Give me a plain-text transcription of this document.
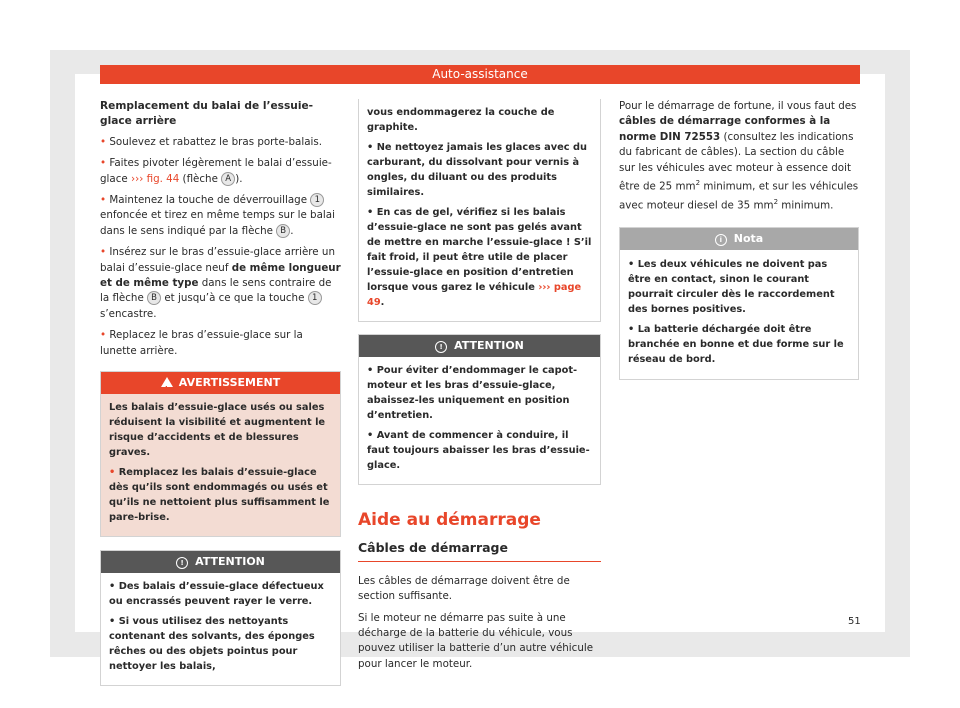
Auto-assistance
Remplacement du balai de l’essuie-glace arrière

• Soulevez et rabattez le bras porte-balais.

• Faites pivoter légèrement le balai d’essuie-glace ››› fig. 44 (flèche A ).

• Maintenez la touche de déverrouillage 1 enfoncée et tirez en même temps sur le balai dans le sens indiqué par la flèche B .

• Insérez sur le bras d’essuie-glace arrière un balai d’essuie-glace neuf de même longueur et de même type dans le sens contraire de la flèche B et jusqu’à ce que la touche 1 s’encastre.

• Replacez le bras d’essuie-glace sur la lunette arrière.

!AVERTISSEMENT

Les balais d’essuie-glace usés ou sales réduisent la visibilité et augmentent le risque d’accidents et de blessures graves.

• Remplacez les balais d’essuie-glace dès qu’ils sont endommagés ou usés et qu’ils ne nettoient plus suffisamment le pare-brise.

! ATTENTION

• Des balais d’essuie-glace défectueux ou encrassés peuvent rayer le verre.

• Si vous utilisez des nettoyants contenant des solvants, des éponges rêches ou des objets pointus pour nettoyer les balais,

vous endommagerez la couche de graphite.

• Ne nettoyez jamais les glaces avec du carburant, du dissolvant pour vernis à ongles, du diluant ou des produits similaires.

• En cas de gel, vérifiez si les balais d’essuie-glace ne sont pas gelés avant de mettre en marche l’essuie-glace ! S’il fait froid, il peut être utile de placer l’essuie-glace en position d’entretien lorsque vous garez le véhicule ››› page 49.

! ATTENTION

• Pour éviter d’endommager le capot-moteur et les bras d’essuie-glace, abaissez-les uniquement en position d’entretien.

• Avant de commencer à conduire, il faut toujours abaisser les bras d’essuie-glace.

Aide au démarrage
Câbles de démarrage

Les câbles de démarrage doivent être de section suffisante.

Si le moteur ne démarre pas suite à une décharge de la batterie du véhicule, vous pouvez utiliser la batterie d’un autre véhicule pour lancer le moteur.

Pour le démarrage de fortune, il vous faut des câbles de démarrage conformes à la norme DIN 72553 (consultez les indications du fabricant de câbles). La section du câble sur les véhicules avec moteur à essence doit être de 25 $mm^2$ minimum, et sur les véhicules avec moteur diesel de 35 $mm^2$ minimum.

i Nota

• Les deux véhicules ne doivent pas être en contact, sinon le courant pourrait circuler dès le raccordement des bornes positives.

• La batterie déchargée doit être branchée en bonne et due forme sur le réseau de bord.

51
